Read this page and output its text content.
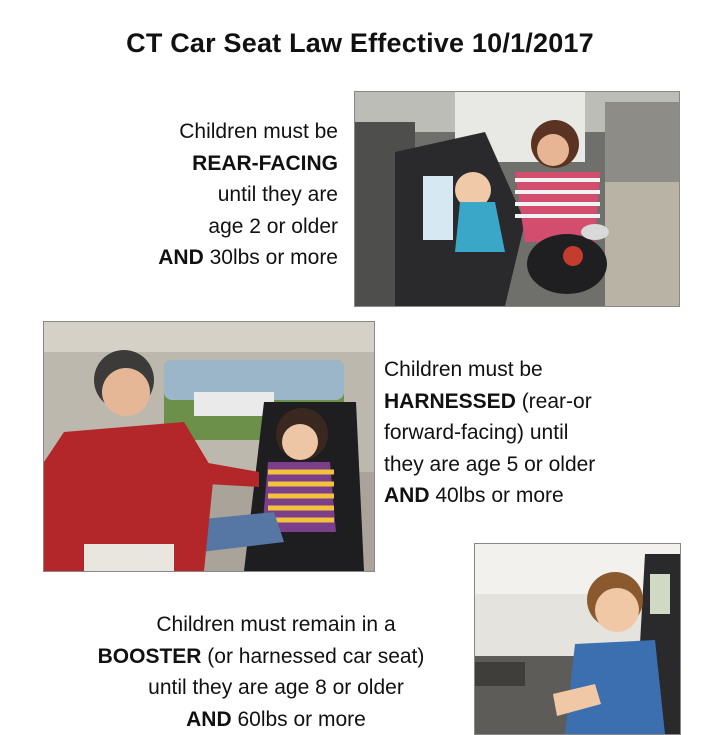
CT Car Seat Law Effective 10/1/2017
Children must be
REAR-FACING
until they are
age 2 or older
AND 30lbs or more
Children must be
HARNESSED (rear-or
forward-facing) until
they are age 5 or older
AND 40lbs or more
Children must remain in a
BOOSTER (or harnessed car seat)
until they are age 8 or older
AND 60lbs or more
